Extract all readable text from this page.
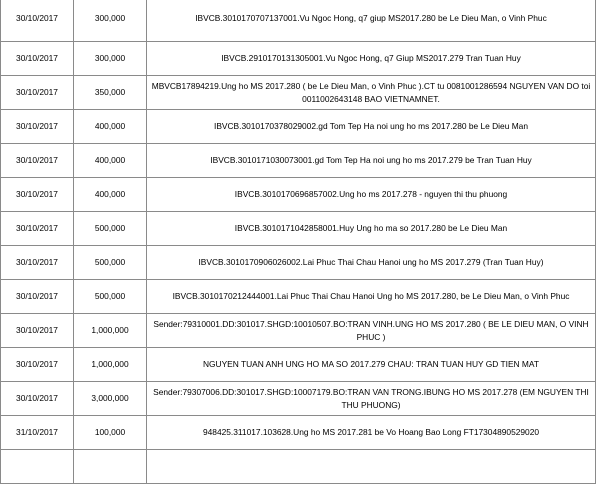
30/10/2017	300,000	IBVCB.3010170707137001.Vu Ngoc Hong, q7 giup MS2017.280 be Le Dieu Man, o Vinh Phuc
30/10/2017	300,000	IBVCB.2910170131305001.Vu Ngoc Hong, q7 Giup MS2017.279 Tran Tuan Huy
30/10/2017	350,000	MBVCB17894219.Ung ho MS 2017.280 ( be Le Dieu Man, o Vinh Phuc ).CT tu 0081001286594 NGUYEN VAN DO toi 0011002643148 BAO VIETNAMNET.
30/10/2017	400,000	IBVCB.3010170378029002.gd Tom Tep Ha noi ung ho ms 2017.280 be Le Dieu Man
30/10/2017	400,000	IBVCB.3010171030073001.gd Tom Tep Ha noi ung ho ms 2017.279 be Tran Tuan Huy
30/10/2017	400,000	IBVCB.3010170696857002.Ung ho ms 2017.278 - nguyen thi thu phuong
30/10/2017	500,000	IBVCB.3010171042858001.Huy Ung ho ma so 2017.280 be Le Dieu Man
30/10/2017	500,000	IBVCB.3010170906026002.Lai Phuc Thai Chau Hanoi ung ho MS 2017.279 (Tran Tuan Huy)
30/10/2017	500,000	IBVCB.3010170212444001.Lai Phuc Thai Chau Hanoi Ung ho MS 2017.280, be Le Dieu Man, o Vinh Phuc
30/10/2017	1,000,000	Sender:79310001.DD:301017.SHGD:10010507.BO:TRAN VINH.UNG HO MS 2017.280 ( BE LE DIEU MAN, O VINH PHUC )
30/10/2017	1,000,000	NGUYEN TUAN ANH UNG HO MA SO 2017.279 CHAU: TRAN TUAN HUY GD TIEN MAT
30/10/2017	3,000,000	Sender:79307006.DD:301017.SHGD:10007179.BO:TRAN VAN TRONG.IBUNG HO MS 2017.278 (EM NGUYEN THI THU PHUONG)
31/10/2017	100,000	948425.311017.103628.Ung ho MS 2017.281 be Vo Hoang Bao Long FT17304890529020
